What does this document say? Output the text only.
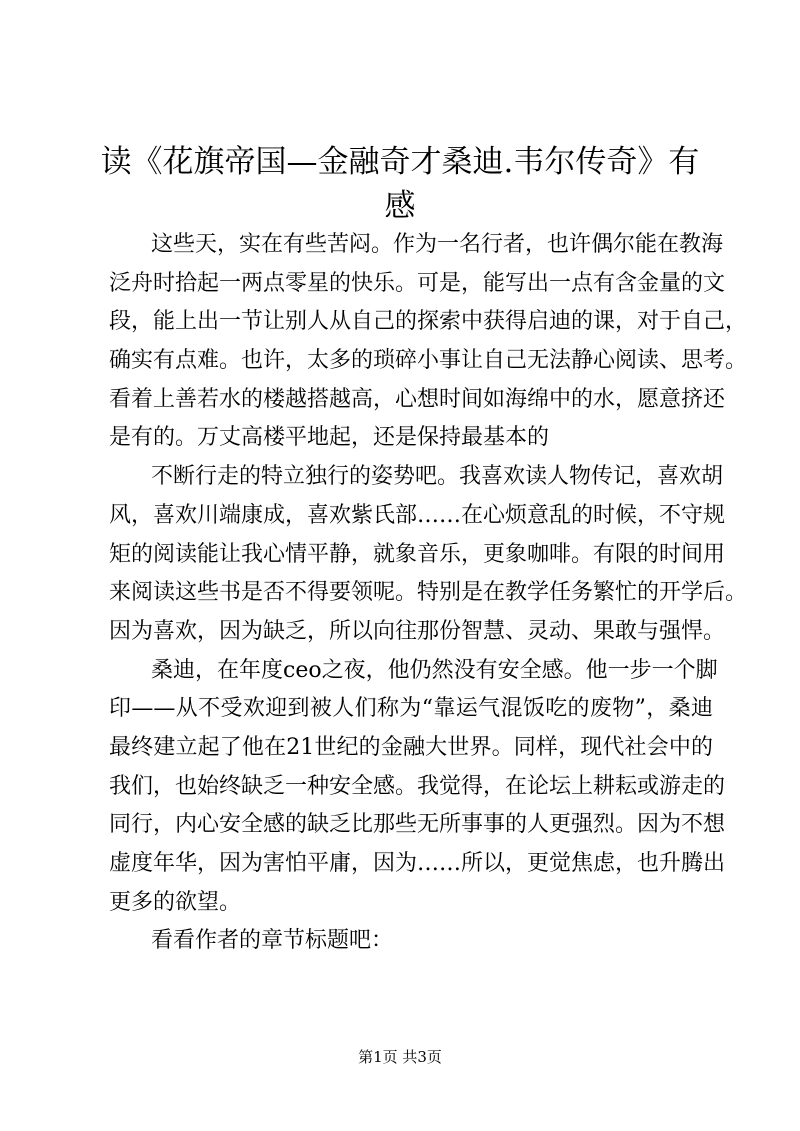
读《花旗帝国—金融奇才桑迪.韦尔传奇》有
感
这些天，实在有些苦闷。作为一名行者，也许偶尔能在教海
泛舟时拾起一两点零星的快乐。可是，能写出一点有含金量的文
段，能上出一节让别人从自己的探索中获得启迪的课，对于自己，
确实有点难。也许，太多的琐碎小事让自己无法静心阅读、思考。
看着上善若水的楼越搭越高，心想时间如海绵中的水，愿意挤还
是有的。万丈高楼平地起，还是保持最基本的
不断行走的特立独行的姿势吧。我喜欢读人物传记，喜欢胡
风，喜欢川端康成，喜欢紫氏部……在心烦意乱的时候，不守规
矩的阅读能让我心情平静，就象音乐，更象咖啡。有限的时间用
来阅读这些书是否不得要领呢。特别是在教学任务繁忙的开学后。
因为喜欢，因为缺乏，所以向往那份智慧、灵动、果敢与强悍。
桑迪，在年度ceo之夜，他仍然没有安全感。他一步一个脚
印——从不受欢迎到被人们称为“靠运气混饭吃的废物”，桑迪
最终建立起了他在21世纪的金融大世界。同样，现代社会中的
我们，也始终缺乏一种安全感。我觉得，在论坛上耕耘或游走的
同行，内心安全感的缺乏比那些无所事事的人更强烈。因为不想
虚度年华，因为害怕平庸，因为……所以，更觉焦虑，也升腾出
更多的欲望。
看看作者的章节标题吧：
第1页 共3页
